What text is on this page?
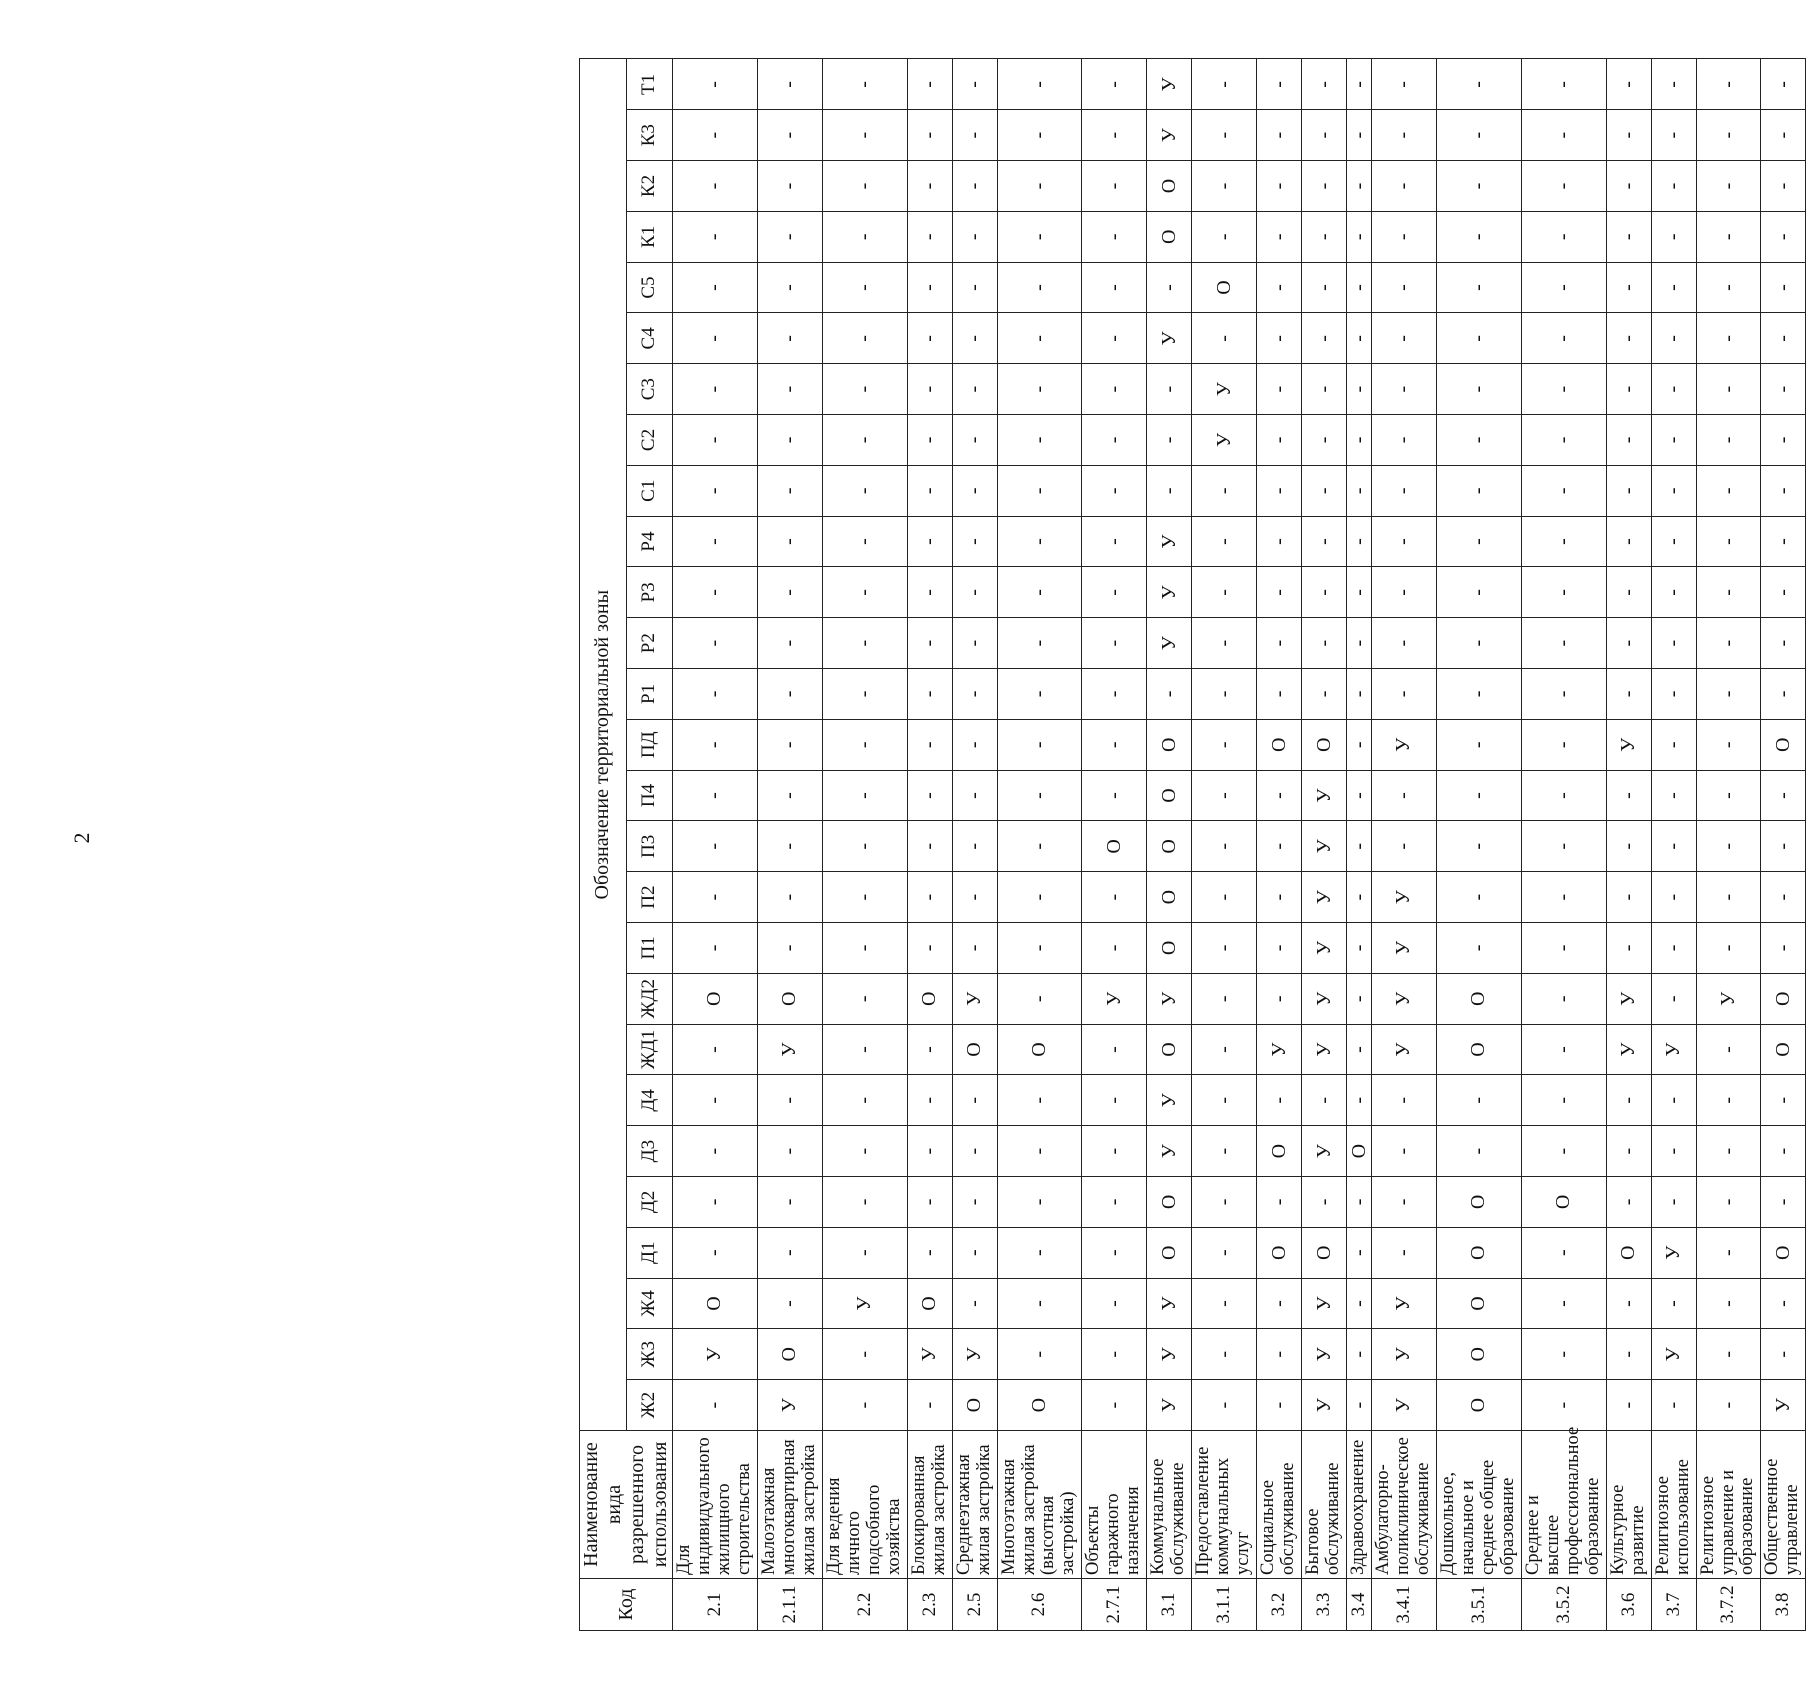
2
Код	Наименование вида разрешенного использования	Обозначение территориальной зоны																										
		Ж2	Ж3	Ж4	Д1	Д2	Д3	Д4	ЖД1	ЖД2	П1	П2	П3	П4	ПД	Р1	Р2	Р3	Р4	С1	С2	С3	С4	С5	К1	К2	К3	Т1
2.1	Для индивидуального жилищного строительства	-	У	О	-	-	-	-	-	О	-	-	-	-	-	-	-	-	-	-	-	-	-	-	-	-	-	-
2.1.1	Малоэтажная многоквартирная жилая застройка	У	О	-	-	-	-	-	У	О	-	-	-	-	-	-	-	-	-	-	-	-	-	-	-	-	-	-
2.2	Для ведения личного подсобного хозяйства	-	-	У	-	-	-	-	-	-	-	-	-	-	-	-	-	-	-	-	-	-	-	-	-	-	-	-
2.3	Блокированная жилая застройка	-	У	О	-	-	-	-	-	О	-	-	-	-	-	-	-	-	-	-	-	-	-	-	-	-	-	-
2.5	Среднеэтажная жилая застройка	О	У	-	-	-	-	-	О	У	-	-	-	-	-	-	-	-	-	-	-	-	-	-	-	-	-	-
2.6	Многоэтажная жилая застройка (высотная застройка)	О	-	-	-	-	-	-	О	-	-	-	-	-	-	-	-	-	-	-	-	-	-	-	-	-	-	-
2.7.1	Объекты гаражного назначения	-	-	-	-	-	-	-	-	У	-	-	О	-	-	-	-	-	-	-	-	-	-	-	-	-	-	-
3.1	Коммунальное обслуживание	У	У	У	О	О	У	У	О	У	О	О	О	О	О	-	У	У	У	-	-	-	У	-	О	О	У	У
3.1.1	Предоставление коммунальных услуг	-	-	-	-	-	-	-	-	-	-	-	-	-	-	-	-	-	-	-	У	У	-	О	-	-	-	-
3.2	Социальное обслуживание	-	-	-	О	-	О	-	У	-	-	-	-	-	О	-	-	-	-	-	-	-	-	-	-	-	-	-
3.3	Бытовое обслуживание	У	У	У	О	-	У	-	У	У	У	У	У	У	О	-	-	-	-	-	-	-	-	-	-	-	-	-
3.4	Здравоохранение	-	-	-	-	-	О	-	-	-	-	-	-	-	-	-	-	-	-	-	-	-	-	-	-	-	-	-
3.4.1	Амбулаторно-поликлиническое обслуживание	У	У	У	-	-	-	-	У	У	У	У	-	-	У	-	-	-	-	-	-	-	-	-	-	-	-	-
3.5.1	Дошкольное, начальное и среднее общее образование	О	О	О	О	О	-	-	О	О	-	-	-	-	-	-	-	-	-	-	-	-	-	-	-	-	-	-
3.5.2	Среднее и высшее профессиональное образование	-	-	-	-	О	-	-	-	-	-	-	-	-	-	-	-	-	-	-	-	-	-	-	-	-	-	-
3.6	Культурное развитие	-	-	-	О	-	-	-	У	У	-	-	-	-	У	-	-	-	-	-	-	-	-	-	-	-	-	-
3.7	Религиозное использование	-	У	-	У	-	-	-	У	-	-	-	-	-	-	-	-	-	-	-	-	-	-	-	-	-	-	-
3.7.2	Религиозное управление и образование	-	-	-	-	-	-	-	-	У	-	-	-	-	-	-	-	-	-	-	-	-	-	-	-	-	-	-
3.8	Общественное управление	У	-	-	О	-	-	-	О	О	-	-	-	-	О	-	-	-	-	-	-	-	-	-	-	-	-	-
